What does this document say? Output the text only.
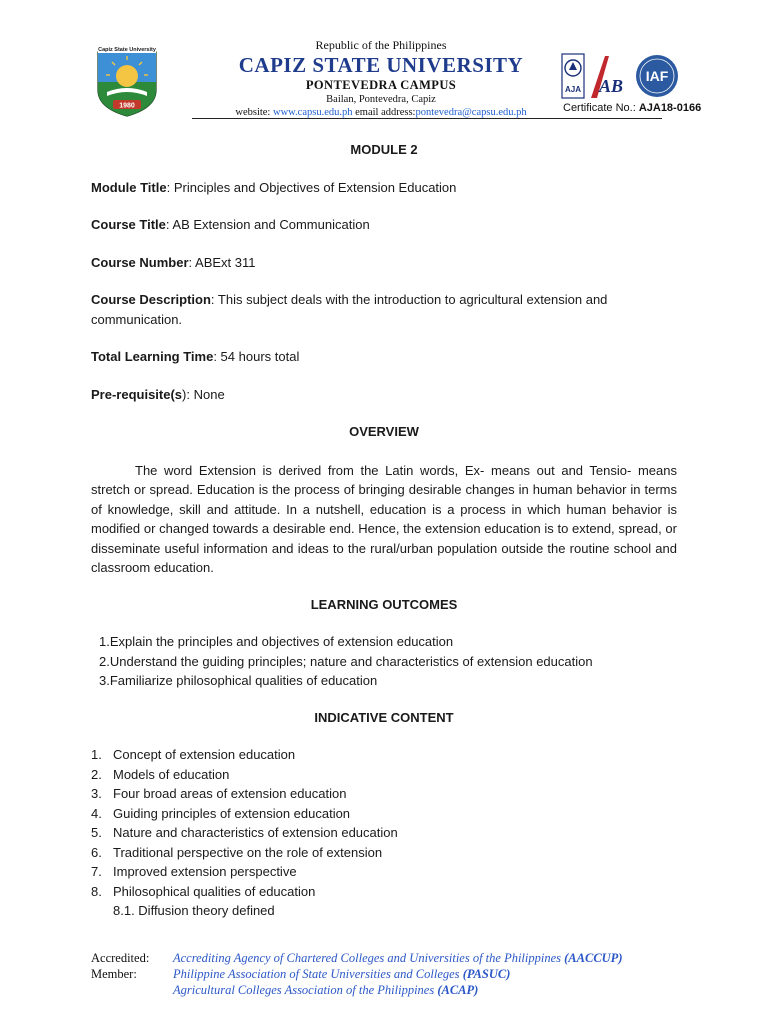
Capiz State University
1980
Republic of the Philippines
CAPIZ STATE UNIVERSITY
PONTEVEDRA CAMPUS
Bailan, Pontevedra, Capiz
website: www.capsu.edu.ph email address:pontevedra@capsu.edu.ph
AJA AB IAF
Certificate No.: AJA18-0166
MODULE 2
Module Title: Principles and Objectives of Extension Education
Course Title: AB Extension and Communication
Course Number: ABExt 311
Course Description: This subject deals with the introduction to agricultural extension and communication.
Total Learning Time: 54 hours total
Pre-requisite(s): None
OVERVIEW
The word Extension is derived from the Latin words, Ex- means out and Tensio- means stretch or spread. Education is the process of bringing desirable changes in human behavior in terms of knowledge, skill and attitude. In a nutshell, education is a process in which human behavior is modified or changed towards a desirable end. Hence, the extension education is to extend, spread, or disseminate useful information and ideas to the rural/urban population outside the routine school and classroom education.
LEARNING OUTCOMES
1.Explain the principles and objectives of extension education
2.Understand the guiding principles; nature and characteristics of extension education
3.Familiarize philosophical qualities of education
INDICATIVE CONTENT
1. Concept of extension education
2. Models of education
3. Four broad areas of extension education
4. Guiding principles of extension education
5. Nature and characteristics of extension education
6. Traditional perspective on the role of extension
7. Improved extension perspective
8. Philosophical qualities of education
8.1. Diffusion theory defined
Accredited:	Accrediting Agency of Chartered Colleges and Universities of the Philippines (AACCUP)
Member:	Philippine Association of State Universities and Colleges (PASUC)
Agricultural Colleges Association of the Philippines (ACAP)
